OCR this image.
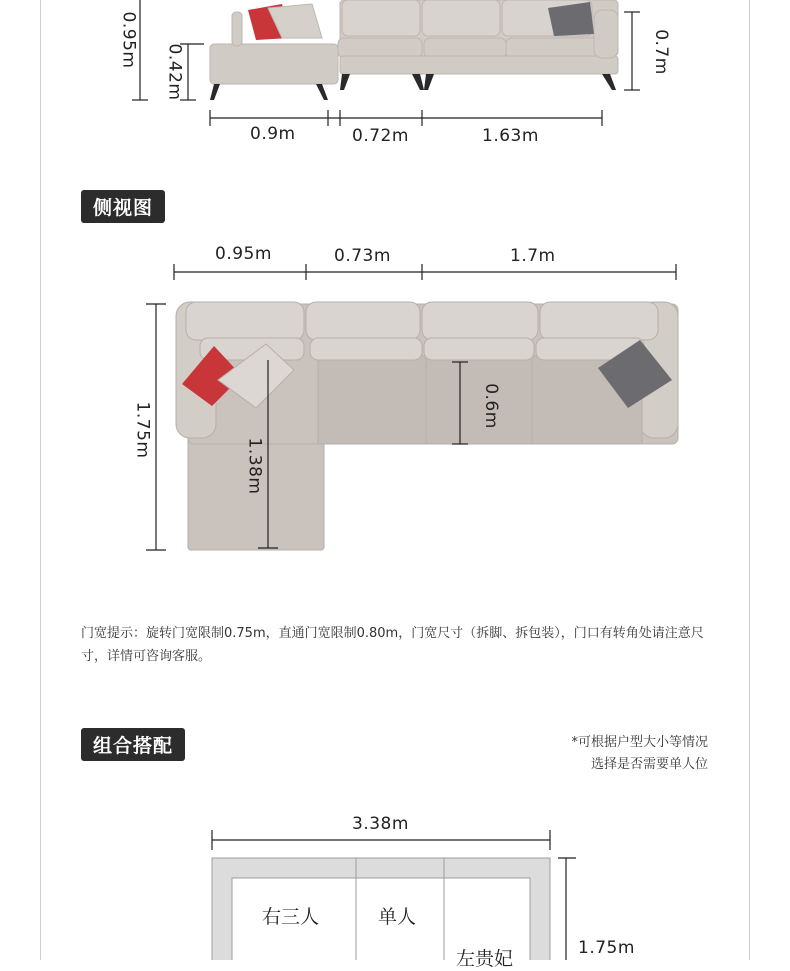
0.95m
0.42m	0.7m
0.9m	0.72m	1.63m
侧视图
0.95m	0.73m	1.7m
1.75m
1.38m
0.6m
门宽提示：旋转门宽限制0.75m，直通门宽限制0.80m，门宽尺寸（拆脚、拆包装），门口有转角处请注意尺寸，详情可咨询客服。
组合搭配	*可根据户型大小等情况
选择是否需要单人位
3.38m
1.75m
右三人	单人
左贵妃
